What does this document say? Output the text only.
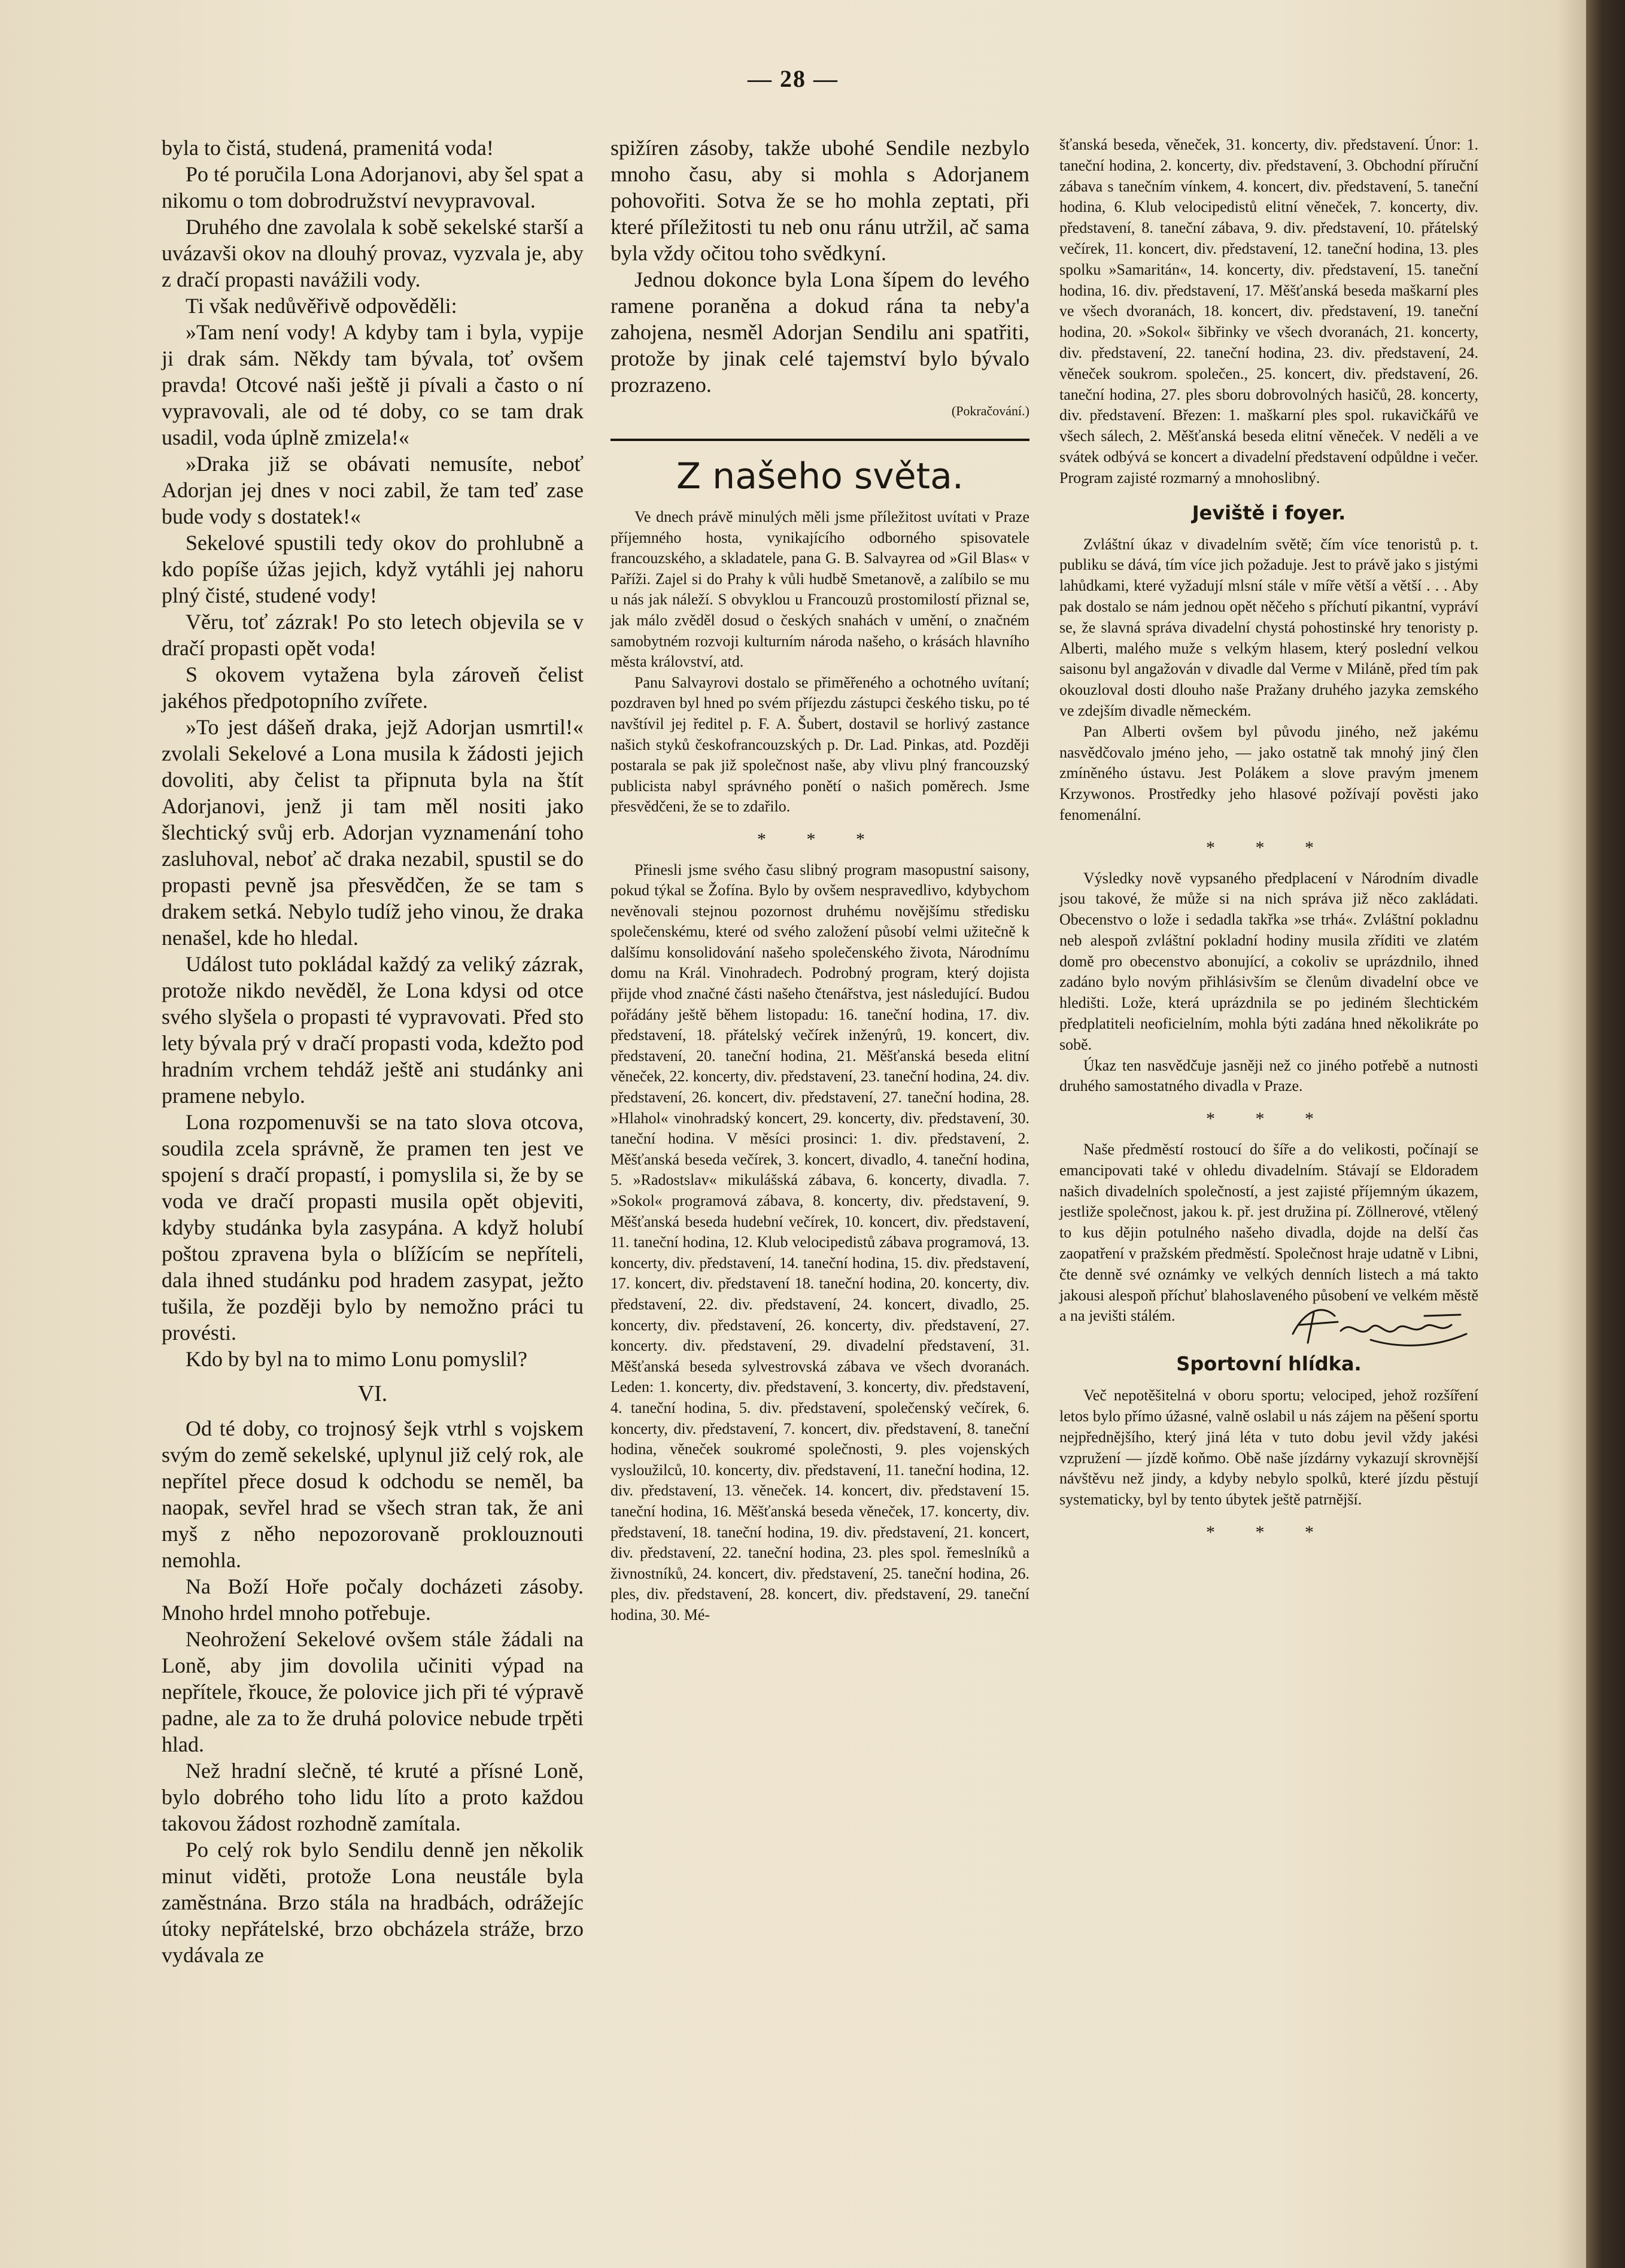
— 28 —

byla to čistá, studená, pramenitá voda!

Po té poručila Lona Adorjanovi, aby šel spat a nikomu o tom dobrodružství nevypravoval.

Druhého dne zavolala k sobě sekelské starší a uvázavši okov na dlouhý provaz, vyzvala je, aby z dračí propasti navážili vody.

Ti však nedůvěřivě odpověděli:

»Tam není vody! A kdyby tam i byla, vypije ji drak sám. Někdy tam bývala, toť ovšem pravda! Otcové naši ještě ji pívali a často o ní vypravovali, ale od té doby, co se tam drak usadil, voda úplně zmizela!«

»Draka již se obávati nemusíte, neboť Adorjan jej dnes v noci zabil, že tam teď zase bude vody s dostatek!«

Sekelové spustili tedy okov do prohlubně a kdo popíše úžas jejich, když vytáhli jej nahoru plný čisté, studené vody!

Věru, toť zázrak! Po sto letech objevila se v dračí propasti opět voda!

S okovem vytažena byla zároveň čelist jakéhos předpotopního zvířete.

»To jest dášeň draka, jejž Adorjan usmrtil!« zvolali Sekelové a Lona musila k žádosti jejich dovoliti, aby čelist ta připnuta byla na štít Adorjanovi, jenž ji tam měl nositi jako šlechtický svůj erb. Adorjan vyznamenání toho zasluhoval, neboť ač draka nezabil, spustil se do propasti pevně jsa přesvědčen, že se tam s drakem setká. Nebylo tudíž jeho vinou, že draka nenašel, kde ho hledal.

Událost tuto pokládal každý za veliký zázrak, protože nikdo nevěděl, že Lona kdysi od otce svého slyšela o propasti té vypravovati. Před sto lety bývala prý v dračí propasti voda, kdežto pod hradním vrchem tehdáž ještě ani studánky ani pramene nebylo.

Lona rozpomenuvši se na tato slova otcova, soudila zcela správně, že pramen ten jest ve spojení s dračí propastí, i pomyslila si, že by se voda ve dračí propasti musila opět objeviti, kdyby studánka byla zasypána. A když holubí poštou zpravena byla o blížícím se nepříteli, dala ihned studánku pod hradem zasypat, ježto tušila, že později bylo by nemožno práci tu provésti.

Kdo by byl na to mimo Lonu pomyslil?

VI.

Od té doby, co trojnosý šejk vtrhl s vojskem svým do země sekelské, uplynul již celý rok, ale nepřítel přece dosud k odchodu se neměl, ba naopak, sevřel hrad se všech stran tak, že ani myš z něho nepozorovaně proklouznouti nemohla.

Na Boží Hoře počaly docházeti zásoby. Mnoho hrdel mnoho potřebuje.

Neohrožení Sekelové ovšem stále žádali na Loně, aby jim dovolila učiniti výpad na nepřítele, řkouce, že polovice jich při té výpravě padne, ale za to že druhá polovice nebude trpěti hlad.

Než hradní slečně, té kruté a přísné Loně, bylo dobrého toho lidu líto a proto každou takovou žádost rozhodně zamítala.

Po celý rok bylo Sendilu denně jen několik minut viděti, protože Lona neustále byla zaměstnána. Brzo stála na hradbách, odrážejíc útoky nepřátelské, brzo obcházela stráže, brzo vydávala ze

spižíren zásoby, takže ubohé Sendile nezbylo mnoho času, aby si mohla s Adorjanem pohovořiti. Sotva že se ho mohla zeptati, při které příležitosti tu neb onu ránu utržil, ač sama byla vždy očitou toho svědkyní.

Jednou dokonce byla Lona šípem do levého ramene poraněna a dokud rána ta neby'a zahojena, nesměl Adorjan Sendilu ani spatřiti, protože by jinak celé tajemství bylo bývalo prozrazeno.

(Pokračování.)
Z našeho světa.

Ve dnech právě minulých měli jsme příležitost uvítati v Praze příjemného hosta, vynikajícího odborného spisovatele francouzského, a skladatele, pana G. B. Salvayrea od »Gil Blas« v Paříži. Zajel si do Prahy k vůli hudbě Smetanově, a zalíbilo se mu u nás jak náleží. S obvyklou u Francouzů prostomilostí přiznal se, jak málo zvěděl dosud o českých snahách v umění, o značném samobytném rozvoji kulturním národa našeho, o krásách hlavního města království, atd.

Panu Salvayrovi dostalo se přiměřeného a ochotného uvítaní; pozdraven byl hned po svém příjezdu zástupci českého tisku, po té navštívil jej ředitel p. F. A. Šubert, dostavil se horlivý zastance našich styků českofrancouzských p. Dr. Lad. Pinkas, atd. Později postarala se pak již společnost naše, aby vlivu plný francouzský publicista nabyl správného ponětí o našich poměrech. Jsme přesvědčeni, že se to zdařilo.

* * *

Přinesli jsme svého času slibný program masopustní saisony, pokud týkal se Žofína. Bylo by ovšem nespravedlivo, kdybychom nevěnovali stejnou pozornost druhému novějšímu středisku společenskému, které od svého založení působí velmi užitečně k dalšímu konsolidování našeho společenského života, Národnímu domu na Král. Vinohradech. Podrobný program, který dojista přijde vhod značné části našeho čtenářstva, jest následující. Budou pořádány ještě během listopadu: 16. taneční hodina, 17. div. představení, 18. přátelský večírek inženýrů, 19. koncert, div. představení, 20. taneční hodina, 21. Měšťanská beseda elitní věneček, 22. koncerty, div. představení, 23. taneční hodina, 24. div. představení, 26. koncert, div. představení, 27. taneční hodina, 28. »Hlahol« vinohradský koncert, 29. koncerty, div. představení, 30. taneční hodina. V měsíci prosinci: 1. div. představení, 2. Měšťanská beseda večírek, 3. koncert, divadlo, 4. taneční hodina, 5. »Radostslav« mikulášská zábava, 6. koncerty, divadla. 7. »Sokol« programová zábava, 8. koncerty, div. představení, 9. Měšťanská beseda hudební večírek, 10. koncert, div. představení, 11. taneční hodina, 12. Klub velocipedistů zábava programová, 13. koncerty, div. představení, 14. taneční hodina, 15. div. představení, 17. koncert, div. představení 18. taneční hodina, 20. koncerty, div. představení, 22. div. představení, 24. koncert, divadlo, 25. koncerty, div. představení, 26. koncerty, div. představení, 27. koncerty. div. představení, 29. divadelní představení, 31. Měšťanská beseda sylvestrovská zábava ve všech dvoranách. Leden: 1. koncerty, div. představení, 3. koncerty, div. představení, 4. taneční hodina, 5. div. představení, společenský večírek, 6. koncerty, div. představení, 7. koncert, div. představení, 8. taneční hodina, věneček soukromé společnosti, 9. ples vojenských vysloužilců, 10. koncerty, div. představení, 11. taneční hodina, 12. div. představení, 13. věneček. 14. koncert, div. představení 15. taneční hodina, 16. Měšťanská beseda věneček, 17. koncerty, div. představení, 18. taneční hodina, 19. div. představení, 21. koncert, div. představení, 22. taneční hodina, 23. ples spol. řemeslníků a živnostníků, 24. koncert, div. představení, 25. taneční hodina, 26. ples, div. představení, 28. koncert, div. představení, 29. taneční hodina, 30. Mé-

šťanská beseda, věneček, 31. koncerty, div. představení. Únor: 1. taneční hodina, 2. koncerty, div. představení, 3. Obchodní příruční zábava s tanečním vínkem, 4. koncert, div. představení, 5. taneční hodina, 6. Klub velocipedistů elitní věneček, 7. koncerty, div. představení, 8. taneční zábava, 9. div. představení, 10. přátelský večírek, 11. koncert, div. představení, 12. taneční hodina, 13. ples spolku »Samaritán«, 14. koncerty, div. představení, 15. taneční hodina, 16. div. představení, 17. Měšťanská beseda maškarní ples ve všech dvoranách, 18. koncert, div. představení, 19. taneční hodina, 20. »Sokol« šibřinky ve všech dvoranách, 21. koncerty, div. představení, 22. taneční hodina, 23. div. představení, 24. věneček soukrom. společen., 25. koncert, div. představení, 26. taneční hodina, 27. ples sboru dobrovolných hasičů, 28. koncerty, div. představení. Březen: 1. maškarní ples spol. rukavičkářů ve všech sálech, 2. Měšťanská beseda elitní věneček. V neděli a ve svátek odbývá se koncert a divadelní představení odpůldne i večer. Program zajisté rozmarný a mnohoslibný.

Jeviště i foyer.

Zvláštní úkaz v divadelním světě; čím více tenoristů p. t. publiku se dává, tím více jich požaduje. Jest to právě jako s jistými lahůdkami, které vyžadují mlsní stále v míře větší a větší . . . Aby pak dostalo se nám jednou opět něčeho s příchutí pikantní, vypráví se, že slavná správa divadelní chystá pohostinské hry tenoristy p. Alberti, malého muže s velkým hlasem, který poslední velkou saisonu byl angažován v divadle dal Verme v Miláně, před tím pak okouzloval dosti dlouho naše Pražany druhého jazyka zemského ve zdejším divadle německém.

Pan Alberti ovšem byl původu jiného, než jakému nasvědčovalo jméno jeho, — jako ostatně tak mnohý jiný člen zmíněného ústavu. Jest Polákem a slove pravým jmenem Krzywonos. Prostředky jeho hlasové požívají pověsti jako fenomenální.

* * *

Výsledky nově vypsaného předplacení v Národním divadle jsou takové, že může si na nich správa již něco zakládati. Obecenstvo o lože i sedadla takřka »se trhá«. Zvláštní pokladnu neb alespoň zvláštní pokladní hodiny musila zříditi ve zlatém domě pro obecenstvo abonující, a cokoliv se uprázdnilo, ihned zadáno bylo novým přihlásivším se členům divadelní obce ve hledišti. Lože, která uprázdnila se po jediném šlechtickém předplatiteli neoficielním, mohla býti zadána hned několikráte po sobě.

Úkaz ten nasvědčuje jasněji než co jiného potřebě a nutnosti druhého samostatného divadla v Praze.

* * *

Naše předměstí rostoucí do šíře a do velikosti, počínají se emancipovati také v ohledu divadelním. Stávají se Eldoradem našich divadelních společností, a jest zajisté příjemným úkazem, jestliže společnost, jakou k. př. jest družina pí. Zöllnerové, vtělený to kus dějin potulného našeho divadla, dojde na delší čas zaopatření v pražském předměstí. Společnost hraje udatně v Libni, čte denně své oznámky ve velkých denních listech a má takto jakousi alespoň příchuť blahoslaveného působení ve velkém městě a na jevišti stálém.

Sportovní hlídka.

Več nepotěšitelná v oboru sportu; velociped, jehož rozšíření letos bylo přímo úžasné, valně oslabil u nás zájem na pěšení sportu nejpřednějšího, který jiná léta v tuto dobu jevil vždy jakési vzpružení — jízdě koňmo. Obě naše jízdárny vykazují skrovnější návštěvu než jindy, a kdyby nebylo spolků, které jízdu pěstují systematicky, byl by tento úbytek ještě patrnější.

* * *
